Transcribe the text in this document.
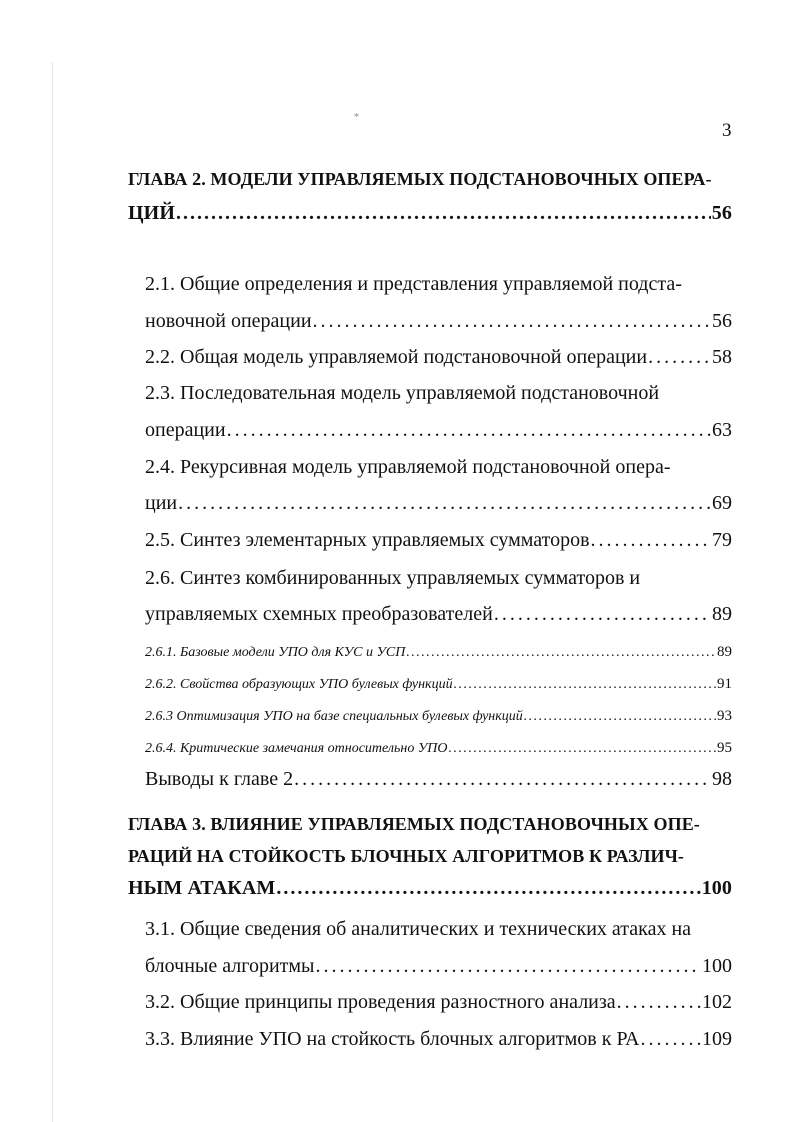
*
3
ГЛАВА 2. МОДЕЛИ УПРАВЛЯЕМЫХ ПОДСТАНОВОЧНЫХ ОПЕРА-
ЦИЙ . . .	56
2.1. Общие определения и представления управляемой подста-
новочной операции . . .	56
2.2. Общая модель управляемой подстановочной операции . . .	58
2.3. Последовательная модель управляемой подстановочной
операции . . .	63
2.4. Рекурсивная модель управляемой подстановочной опера-
ции . . .	69
2.5. Синтез элементарных управляемых сумматоров . . .	79
2.6. Синтез комбинированных управляемых сумматоров и
управляемых схемных преобразователей . . .	89
2.6.1. Базовые модели УПО для КУС и УСП . . .	89
2.6.2. Свойства образующих УПО булевых функций . . .	91
2.6.3 Оптимизация УПО на базе специальных булевых функций . . .	93
2.6.4. Критические замечания относительно УПО . . .	95
Выводы к главе 2 . . .	98
ГЛАВА 3. ВЛИЯНИЕ УПРАВЛЯЕМЫХ ПОДСТАНОВОЧНЫХ ОПЕ-
РАЦИЙ НА СТОЙКОСТЬ БЛОЧНЫХ АЛГОРИТМОВ К РАЗЛИЧ-
НЫМ АТАКАМ . . .	100
3.1. Общие сведения об аналитических и технических атаках на
блочные алгоритмы . . .	100
3.2. Общие принципы проведения разностного анализа . . .	102
3.3. Влияние УПО на стойкость блочных алгоритмов к РА . . .	109
